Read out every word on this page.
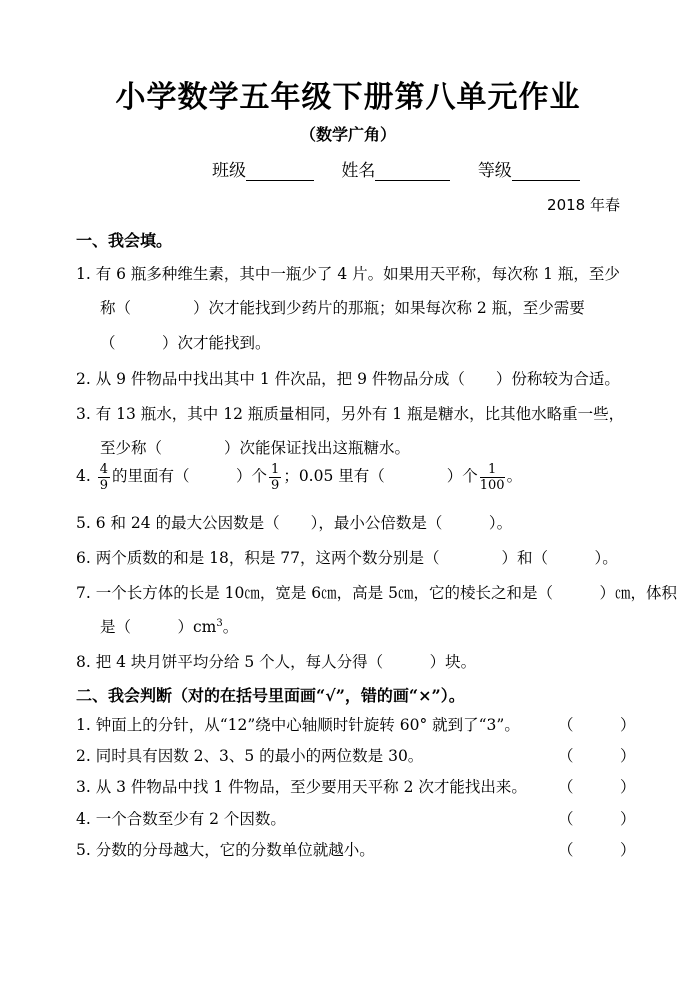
小学数学五年级下册第八单元作业
（数学广角）
班级	姓名	等级
2018 年春
一、我会填。
1. 有 6 瓶多种维生素，其中一瓶少了 4 片。如果用天平称，每次称 1 瓶，至少
称（　　　　）次才能找到少药片的那瓶；如果每次称 2 瓶，至少需要
（　　　）次才能找到。
2. 从 9 件物品中找出其中 1 件次品，把 9 件物品分成（　　）份称较为合适。
3. 有 13 瓶水，其中 12 瓶质量相同，另外有 1 瓶是糖水，比其他水略重一些，
至少称（　　　　）次能保证找出这瓶糖水。
4. $\frac{4}{9}$ 的里面有（　　　）个 $\frac{1}{9}$ ；0.05 里有（　　　　）个 $\frac{1}{100}$ 。
5. 6 和 24 的最大公因数是（　　），最小公倍数是（　　　）。
6. 两个质数的和是 18，积是 77，这两个数分别是（　　　　）和（　　　）。
7. 一个长方体的长是 10㎝，宽是 6㎝，高是 5㎝，它的棱长之和是（　　　）㎝，体积
是（　　　）$cm^3$。
8. 把 4 块月饼平均分给 5 个人，每人分得（　　　）块。
二、我会判断（对的在括号里面画“√”，错的画“×”）。
1. 钟面上的分针，从“12”绕中心轴顺时针旋转 60° 就到了“3”。 （　　　）
2. 同时具有因数 2、3、5 的最小的两位数是 30。	（　　　）
3. 从 3 件物品中找 1 件物品，至少要用天平称 2 次才能找出来。 （　　　）
4. 一个合数至少有 2 个因数。	（　　　）
5. 分数的分母越大，它的分数单位就越小。	（　　　）
